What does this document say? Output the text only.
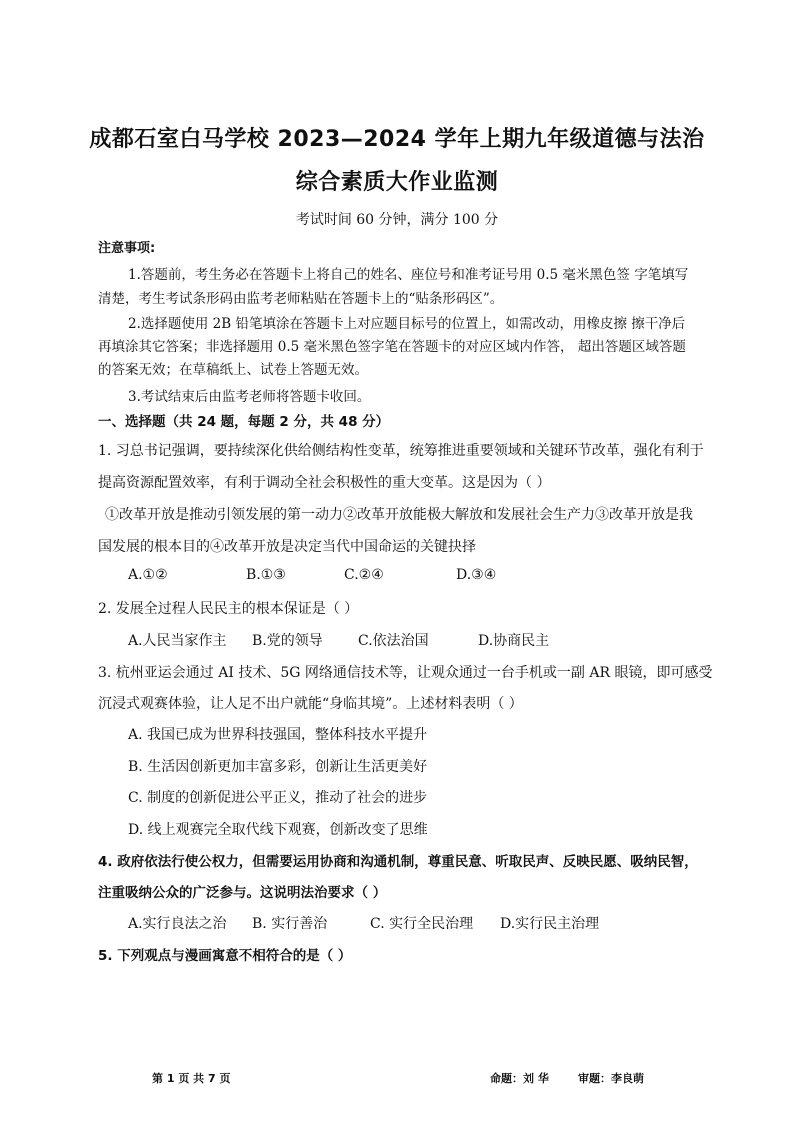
成都石室白马学校 2023—2024 学年上期九年级道德与法治
综合素质大作业监测
考试时间 60 分钟，满分 100 分
注意事项:
1.答题前，考生务必在答题卡上将自己的姓名、座位号和准考证号用 0.5 毫米黑色签 字笔填写
清楚，考生考试条形码由监考老师粘贴在答题卡上的“贴条形码区”。
2.选择题使用 2B 铅笔填涂在答题卡上对应题目标号的位置上，如需改动，用橡皮擦 擦干净后
再填涂其它答案；非选择题用 0.5 毫米黑色签字笔在答题卡的对应区域内作答， 超出答题区域答题
的答案无效；在草稿纸上、试卷上答题无效。
3.考试结束后由监考老师将答题卡收回。
一、选择题（共 24 题，每题 2 分，共 48 分）
1. 习总书记强调，要持续深化供给侧结构性变革，统筹推进重要领域和关键环节改革，强化有利于
提高资源配置效率，有利于调动全社会积极性的重大变革。这是因为（ ）
①改革开放是推动引领发展的第一动力②改革开放能极大解放和发展社会生产力③改革开放是我
国发展的根本目的④改革开放是决定当代中国命运的关键抉择
A.①②	B.①③	C.②④	D.③④
2. 发展全过程人民民主的根本保证是（ ）
A.人民当家作主 B.党的领导	C.依法治国	D.协商民主
3. 杭州亚运会通过 AI 技术、5G 网络通信技术等，让观众通过一台手机或一副 AR 眼镜，即可感受
沉浸式观赛体验，让人足不出户就能“身临其境”。上述材料表明（ ）
A. 我国已成为世界科技强国，整体科技水平提升
B. 生活因创新更加丰富多彩，创新让生活更美好
C. 制度的创新促进公平正义，推动了社会的进步
D. 线上观赛完全取代线下观赛，创新改变了思维
4. 政府依法行使公权力，但需要运用协商和沟通机制，尊重民意、听取民声、反映民愿、吸纳民智，
注重吸纳公众的广泛参与。这说明法治要求（ ）
A.实行良法之治 B. 实行善治	C. 实行全民治理 D.实行民主治理
5. 下列观点与漫画寓意不相符合的是（ ）
第 1 页 共 7 页	命题：刘 华	审题：李良萌
